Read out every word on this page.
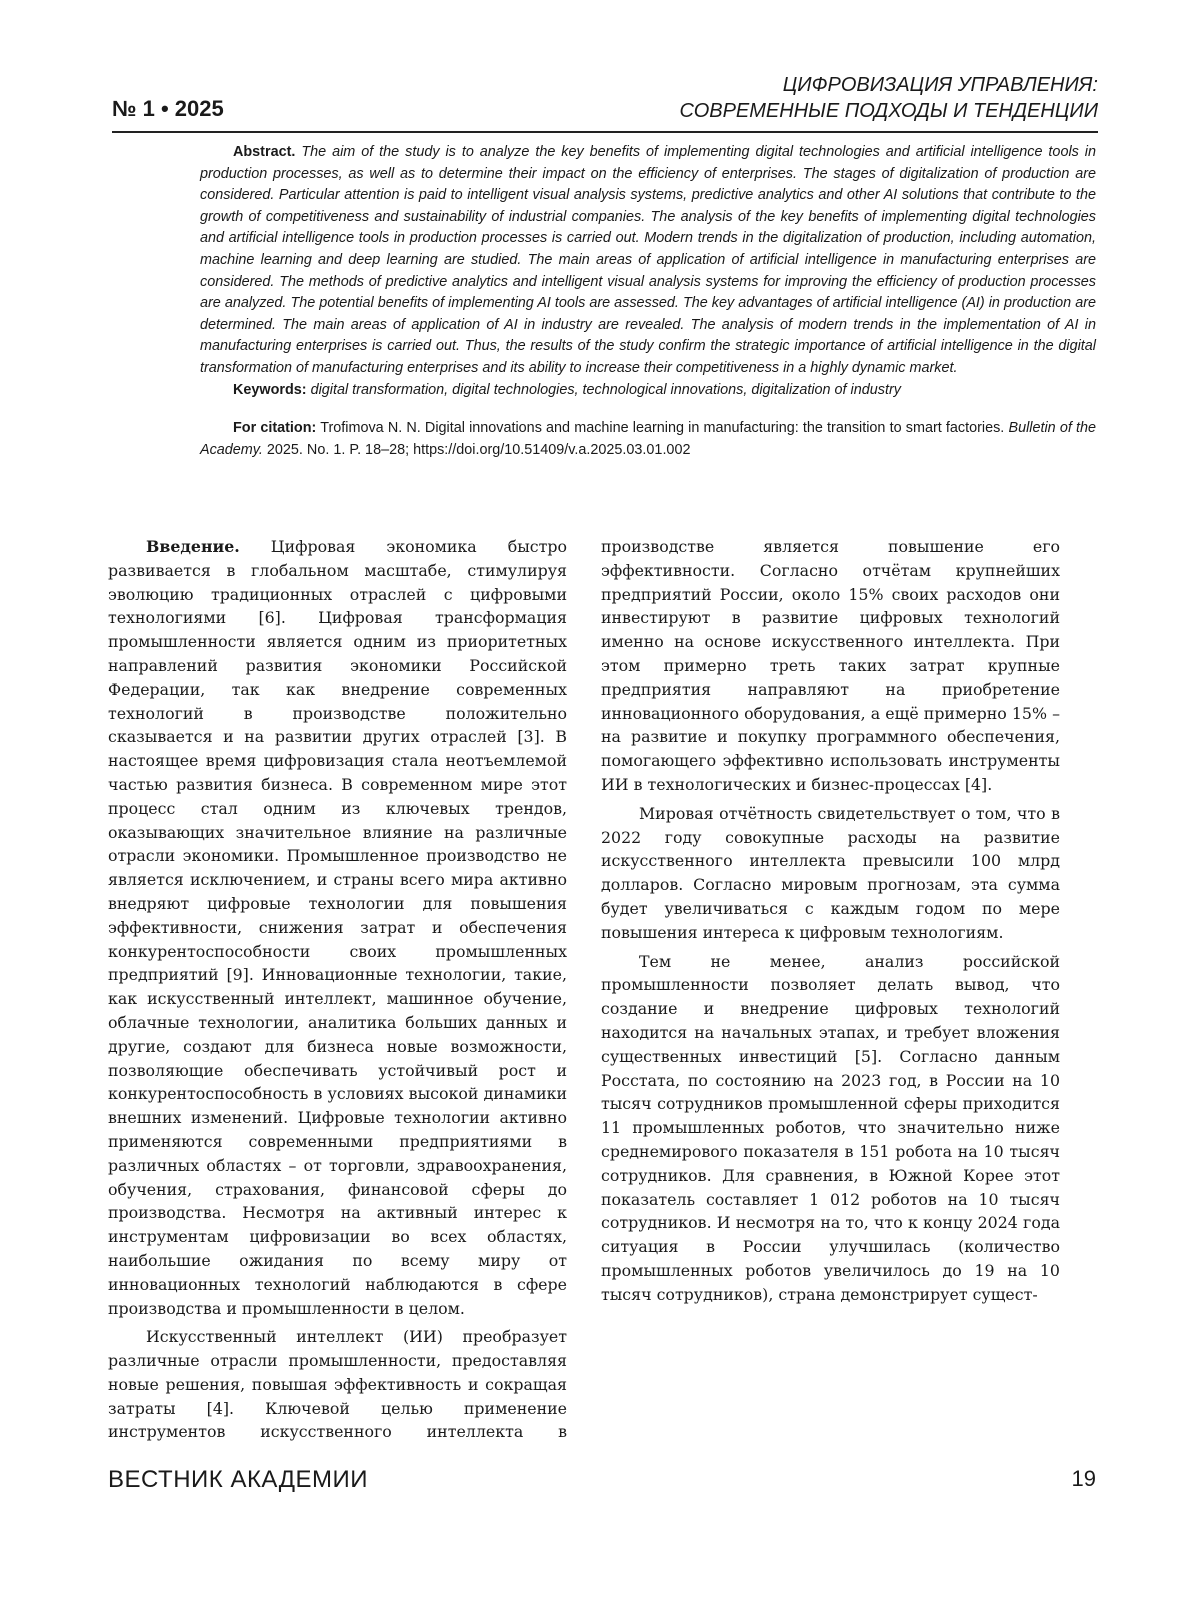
№ 1 • 2025
ЦИФРОВИЗАЦИЯ УПРАВЛЕНИЯ:
СОВРЕМЕННЫЕ ПОДХОДЫ И ТЕНДЕНЦИИ

Abstract. The aim of the study is to analyze the key benefits of implementing digital technologies and artificial intelligence tools in production processes, as well as to determine their impact on the efficiency of enterprises. The stages of digitalization of production are considered. Particular attention is paid to intelligent visual analysis systems, predictive analytics and other AI solutions that contribute to the growth of competitiveness and sustainability of industrial companies. The analysis of the key benefits of implementing digital technologies and artificial intelligence tools in production processes is carried out. Modern trends in the digitalization of production, including automation, machine learning and deep learning are studied. The main areas of application of artificial intelligence in manufacturing enterprises are considered. The methods of predictive analytics and intelligent visual analysis systems for improving the efficiency of production processes are analyzed. The potential benefits of implementing AI tools are assessed. The key advantages of artificial intelligence (AI) in production are determined. The main areas of application of AI in industry are revealed. The analysis of modern trends in the implementation of AI in manufacturing enterprises is carried out. Thus, the results of the study confirm the strategic importance of artificial intelligence in the digital transformation of manufacturing enterprises and its ability to increase their competitiveness in a highly dynamic market.

Keywords: digital transformation, digital technologies, technological innovations, digitalization of industry

For citation: Trofimova N. N. Digital innovations and machine learning in manufacturing: the transition to smart factories. Bulletin of the Academy. 2025. No. 1. P. 18–28; https://doi.org/10.51409/v.a.2025.03.01.002

Введение. Цифровая экономика быстро развивается в глобальном масштабе, стимулируя эволюцию традиционных отраслей с цифровыми технологиями [6]. Цифровая трансформация промышленности является одним из приоритетных направлений развития экономики Российской Федерации, так как внедрение современных технологий в производстве положительно сказывается и на развитии других отраслей [3]. В настоящее время цифровизация стала неотъемлемой частью развития бизнеса. В современном мире этот процесс стал одним из ключевых трендов, оказывающих значительное влияние на различные отрасли экономики. Промышленное производство не является исключением, и страны всего мира активно внедряют цифровые технологии для повышения эффективности, снижения затрат и обеспечения конкурентоспособности своих промышленных предприятий [9]. Инновационные технологии, такие, как искусственный интеллект, машинное обучение, облачные технологии, аналитика больших данных и другие, создают для бизнеса новые возможности, позволяющие обеспечивать устойчивый рост и конкурентоспособность в условиях высокой динамики внешних изменений. Цифровые технологии активно применяются современными предприятиями в различных областях – от торговли, здравоохранения, обучения, страхования, финансовой сферы до производства. Несмотря на активный интерес к инструментам цифровизации во всех областях, наибольшие ожидания по всему миру от инновационных технологий наблюдаются в сфере производства и промышленности в целом.

Искусственный интеллект (ИИ) преобразует различные отрасли промышленности, предоставляя новые решения, повышая эффективность и сокращая затраты [4]. Ключевой целью применение инструментов искусственного интеллекта в производстве является повышение его эффективности. Согласно отчётам крупнейших предприятий России, около 15% своих расходов они инвестируют в развитие цифровых технологий именно на основе искусственного интеллекта. При этом примерно треть таких затрат крупные предприятия направляют на приобретение инновационного оборудования, а ещё примерно 15% – на развитие и покупку программного обеспечения, помогающего эффективно использовать инструменты ИИ в технологических и бизнес-процессах [4].

Мировая отчётность свидетельствует о том, что в 2022 году совокупные расходы на развитие искусственного интеллекта превысили 100 млрд долларов. Согласно мировым прогнозам, эта сумма будет увеличиваться с каждым годом по мере повышения интереса к цифровым технологиям.

Тем не менее, анализ российской промышленности позволяет делать вывод, что создание и внедрение цифровых технологий находится на начальных этапах, и требует вложения существенных инвестиций [5]. Согласно данным Росстата, по состоянию на 2023 год, в России на 10 тысяч сотрудников промышленной сферы приходится 11 промышленных роботов, что значительно ниже среднемирового показателя в 151 робота на 10 тысяч сотрудников. Для сравнения, в Южной Корее этот показатель составляет 1 012 роботов на 10 тысяч сотрудников. И несмотря на то, что к концу 2024 года ситуация в России улучшилась (количество промышленных роботов увеличилось до 19 на 10 тысяч сотрудников), страна демонстрирует сущест-

ВЕСТНИК АКАДЕМИИ	19
